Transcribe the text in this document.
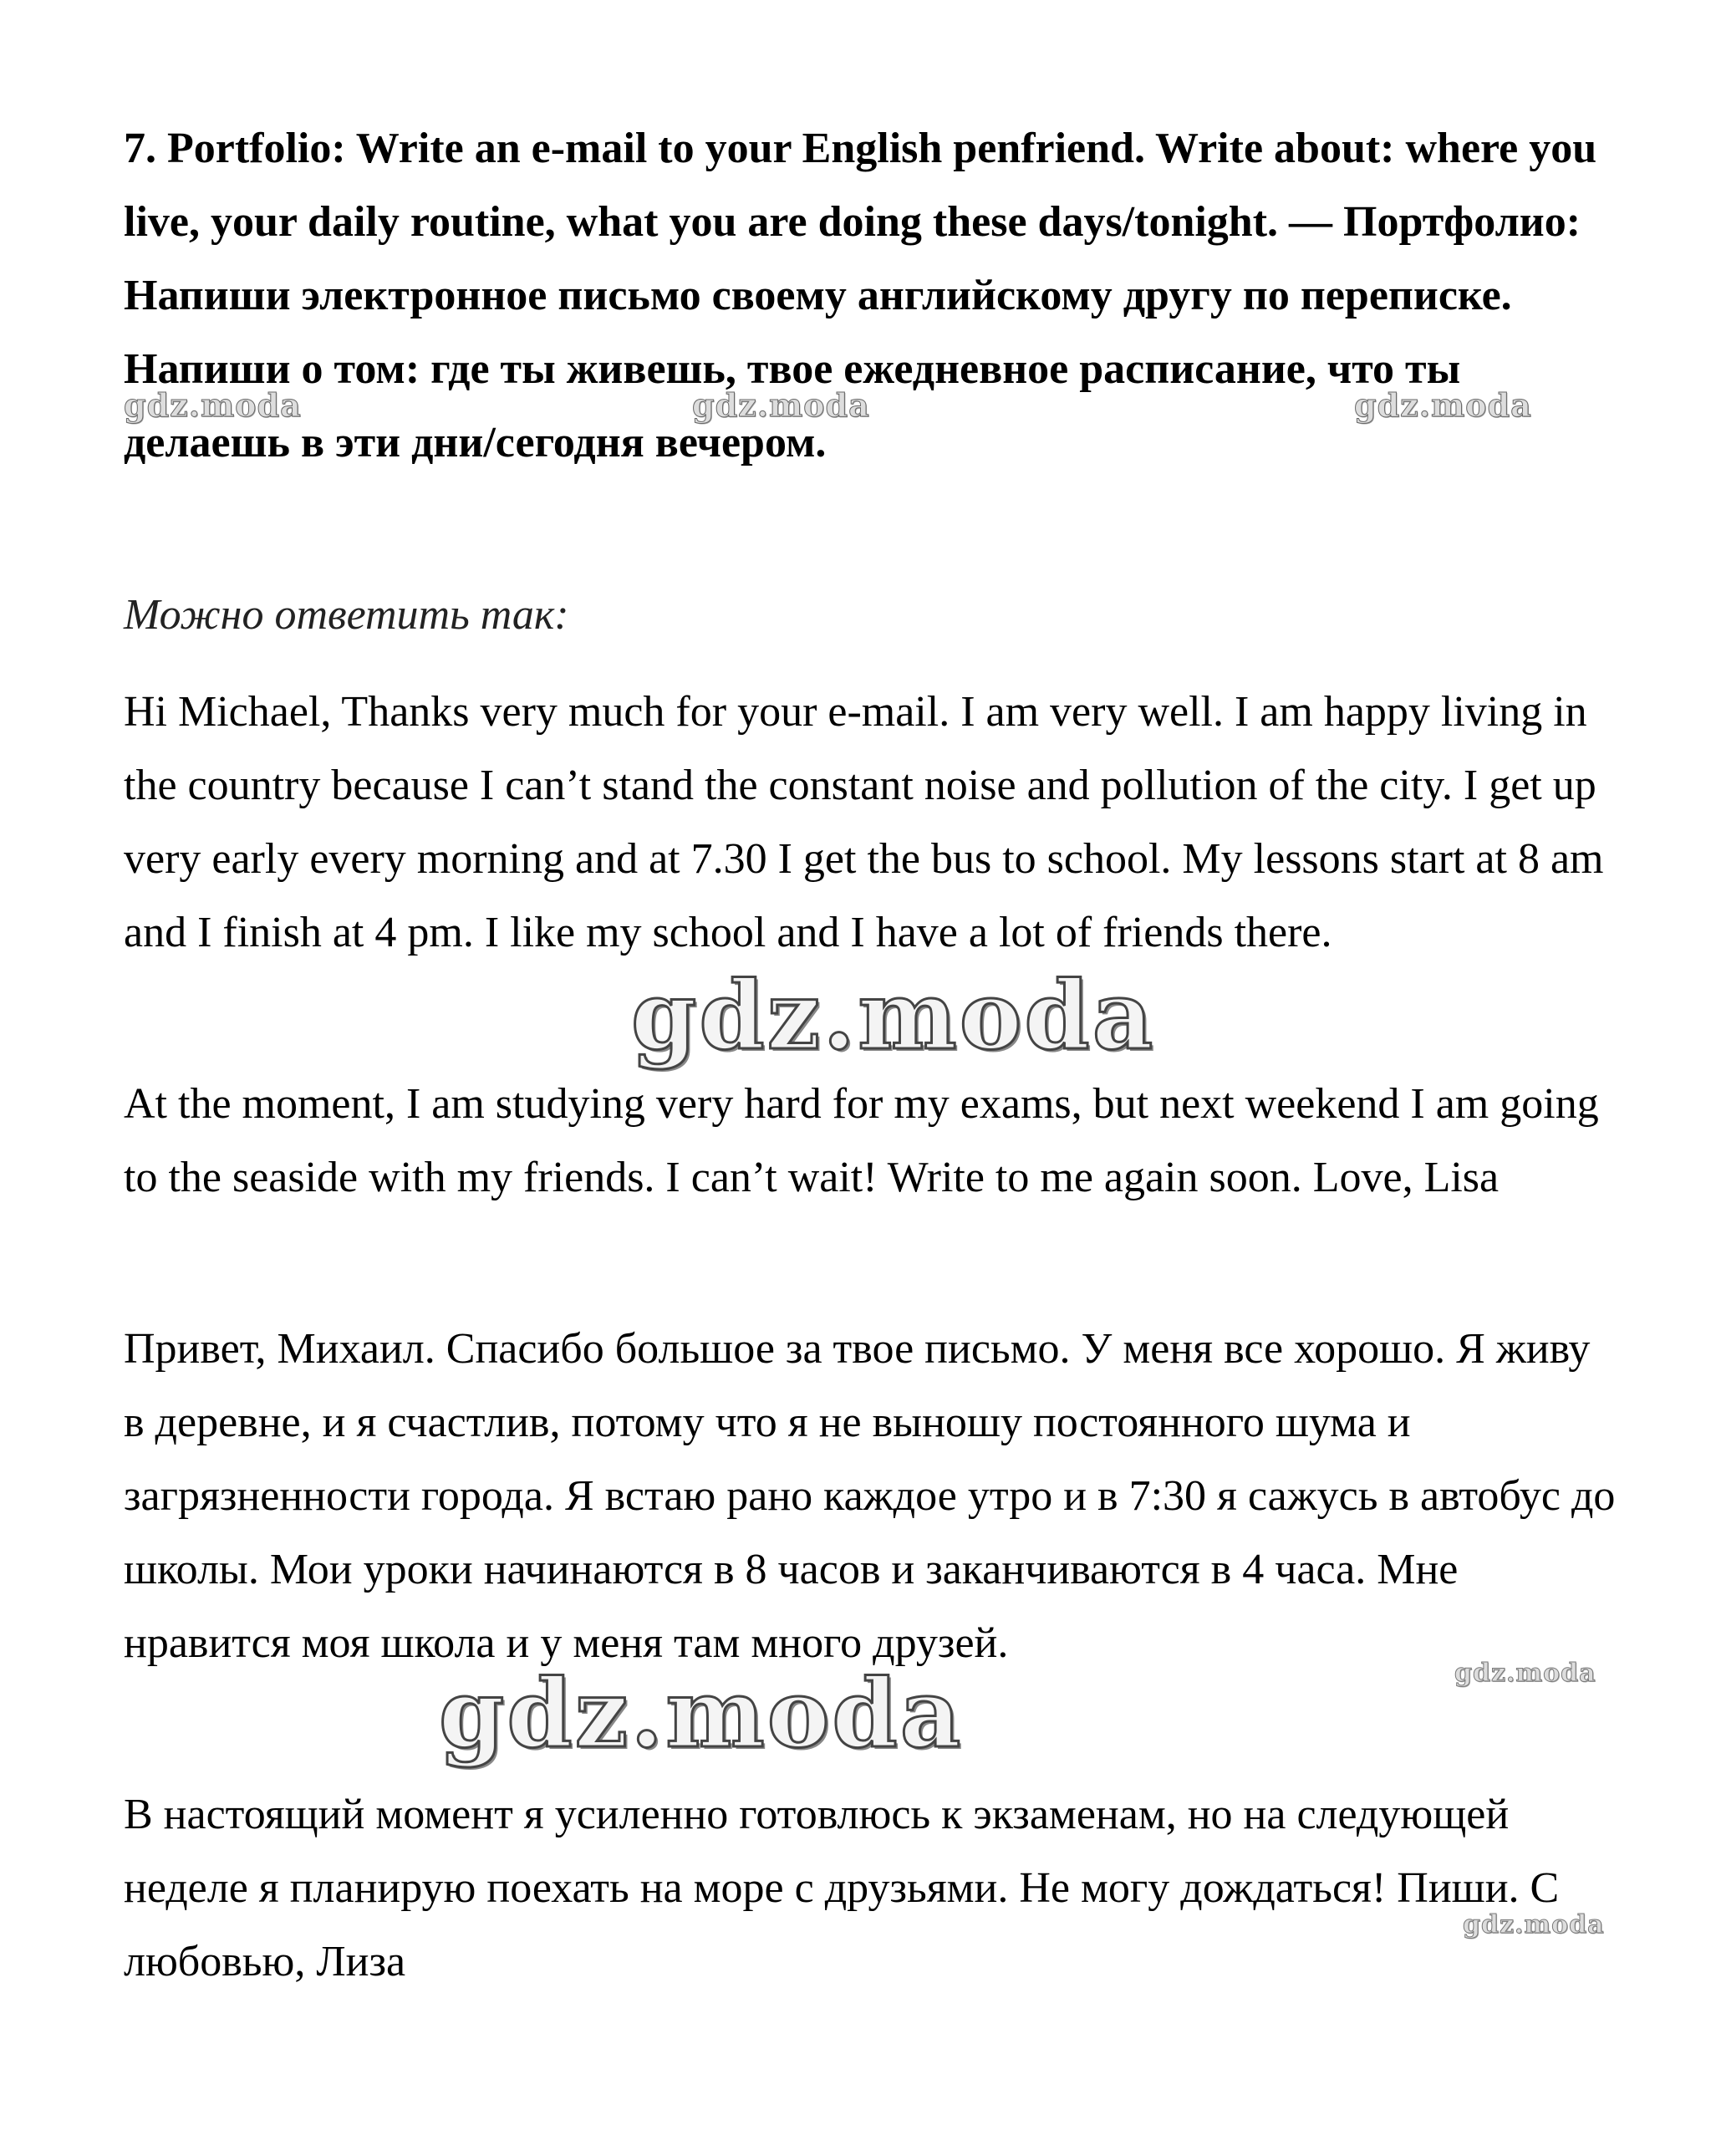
7. Portfolio: Write an e-mail to your English penfriend. Write about: where you live, your daily routine, what you are doing these days/tonight. — Портфолио: Напиши электронное письмо своему английскому другу по переписке. Напиши о том: где ты живешь, твое ежедневное расписание, что ты делаешь в эти дни/сегодня вечером.

Можно ответить так:

Hi Michael, Thanks very much for your e-mail. I am very well. I am happy living in the country because I can’t stand the constant noise and pollution of the city. I get up very early every morning and at 7.30 I get the bus to school. My lessons start at 8 am and I finish at 4 pm. I like my school and I have a lot of friends there.

At the moment, I am studying very hard for my exams, but next weekend I am going to the seaside with my friends. I can’t wait! Write to me again soon. Love, Lisa

Привет, Михаил. Спасибо большое за твое письмо. У меня все хорошо. Я живу в деревне, и я счастлив, потому что я не выношу постоянного шума и загрязненности города. Я встаю рано каждое утро и в 7:30 я сажусь в автобус до школы. Мои уроки начинаются в 8 часов и заканчиваются в 4 часа. Мне нравится моя школа и у меня там много друзей.

В настоящий момент я усиленно готовлюсь к экзаменам, но на следующей неделе я планирую поехать на море с друзьями. Не могу дождаться! Пиши. С любовью, Лиза

gdz.moda	gdz.moda	gdz.moda
gdz.moda
gdz.moda	gdz.moda
gdz.moda
